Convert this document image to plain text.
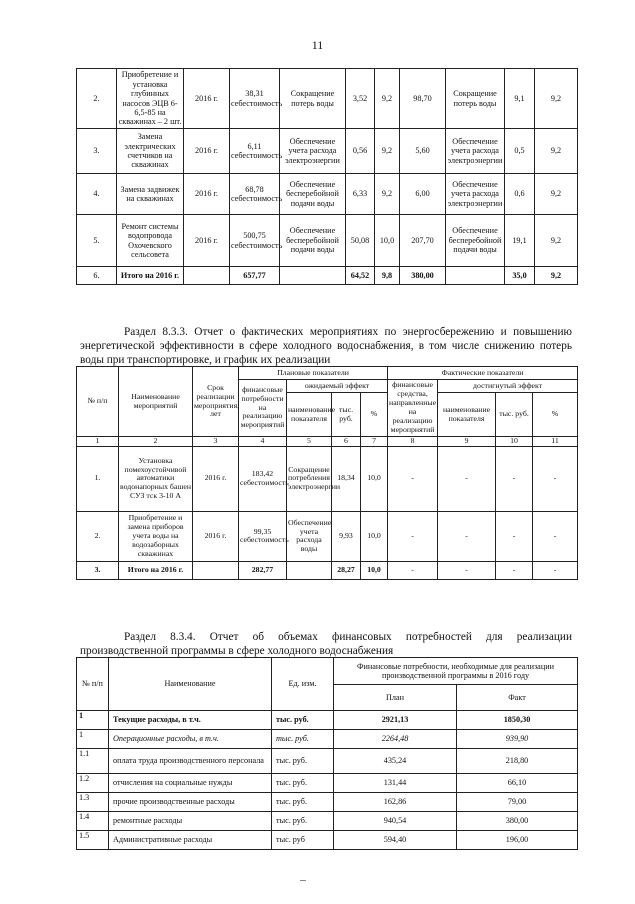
11
2.	Приобретение и установка глубинных насосов ЭЦВ 6-6,5-85 на скважинах – 2 шт.	2016 г.	38,31 себестоимость	Сокращение потерь воды	3,52	9,2	98,70	Сокращение потерь воды	9,1	9,2
3.	Замена электрических счетчиков на скважинах	2016 г.	6,11 себестоимость	Обеспечение учета расхода электроэнергии	0,56	9,2	5,60	Обеспечение учета расхода электроэнергии	0,5	9,2
4.	Замена задвижек на скважинах	2016 г.	68,78 себестоимость	Обеспечение бесперебойной подачи воды	6,33	9,2	6,00	Обеспечение учета расхода электроэнергии	0,6	9,2
5.	Ремонт системы водопровода Охочевского сельсовета	2016 г.	500,75 себестоимость	Обеспечение бесперебойной подачи воды	50,08	10,0	207,70	Обеспечение бесперебойной подачи воды	19,1	9,2
6.	Итого на 2016 г.		657,77		64,52	9,8	380,00		35,0	9,2
Раздел 8.3.3. Отчет о фактических мероприятиях по энергосбережению и повышению энергетической эффективности в сфере холодного водоснабжения, в том числе снижению потерь воды при транспортировке, и график их реализации
№ п/п	Наименование мероприятий	Срок реализации мероприятия, лет	Плановые показатели				Фактические показатели			
			финансовые потребности на реализацию мероприятий	ожидаемый эффект			финансовые средства, направленные на реализацию мероприятий	достигнутый эффект		
				наименование показателя	тыс. руб.	%		наименование показателя	тыс. руб.	%
1	2	3	4	5	6	7	8	9	10	11
1.	Установка помехоустойчивой автоматики водонапорных башен СУЗ тск 3-10 А	2016 г.	183,42 себестоимость	Сокращение потребления электроэнергии	18,34	10,0	-	-	-	-
2.	Приобретение и замена приборов учета воды на водозаборных скважинах	2016 г.	99,35 себестоимость	Обеспечение учета расхода воды	9,93	10,0	-	-	-	-
3.	Итого на 2016 г.		282,77		28,27	10,0	-	-	-	-
Раздел 8.3.4. Отчет об объемах финансовых потребностей для реализации производственной программы в сфере холодного водоснабжения
№ п/п	Наименование	Ед. изм.	Финансовые потребности, необходимые для реализации производственной программы в 2016 году	
			План	Факт
1	Текущие расходы, в т.ч.	тыс. руб.	2921,13	1850,30
1	Операционные расходы, в т.ч.	тыс. руб.	2264,48	939,90
1.1	оплата труда производственного персонала	тыс. руб.	435,24	218,80
1.2	отчисления на социальные нужды	тыс. руб.	131,44	66,10
1.3	прочие производственные расходы	тыс. руб.	162,86	79,00
1.4	ремонтные расходы	тыс. руб.	940,54	380,00
1.5	Административные расходы	тыс. руб	594,40	196,00
